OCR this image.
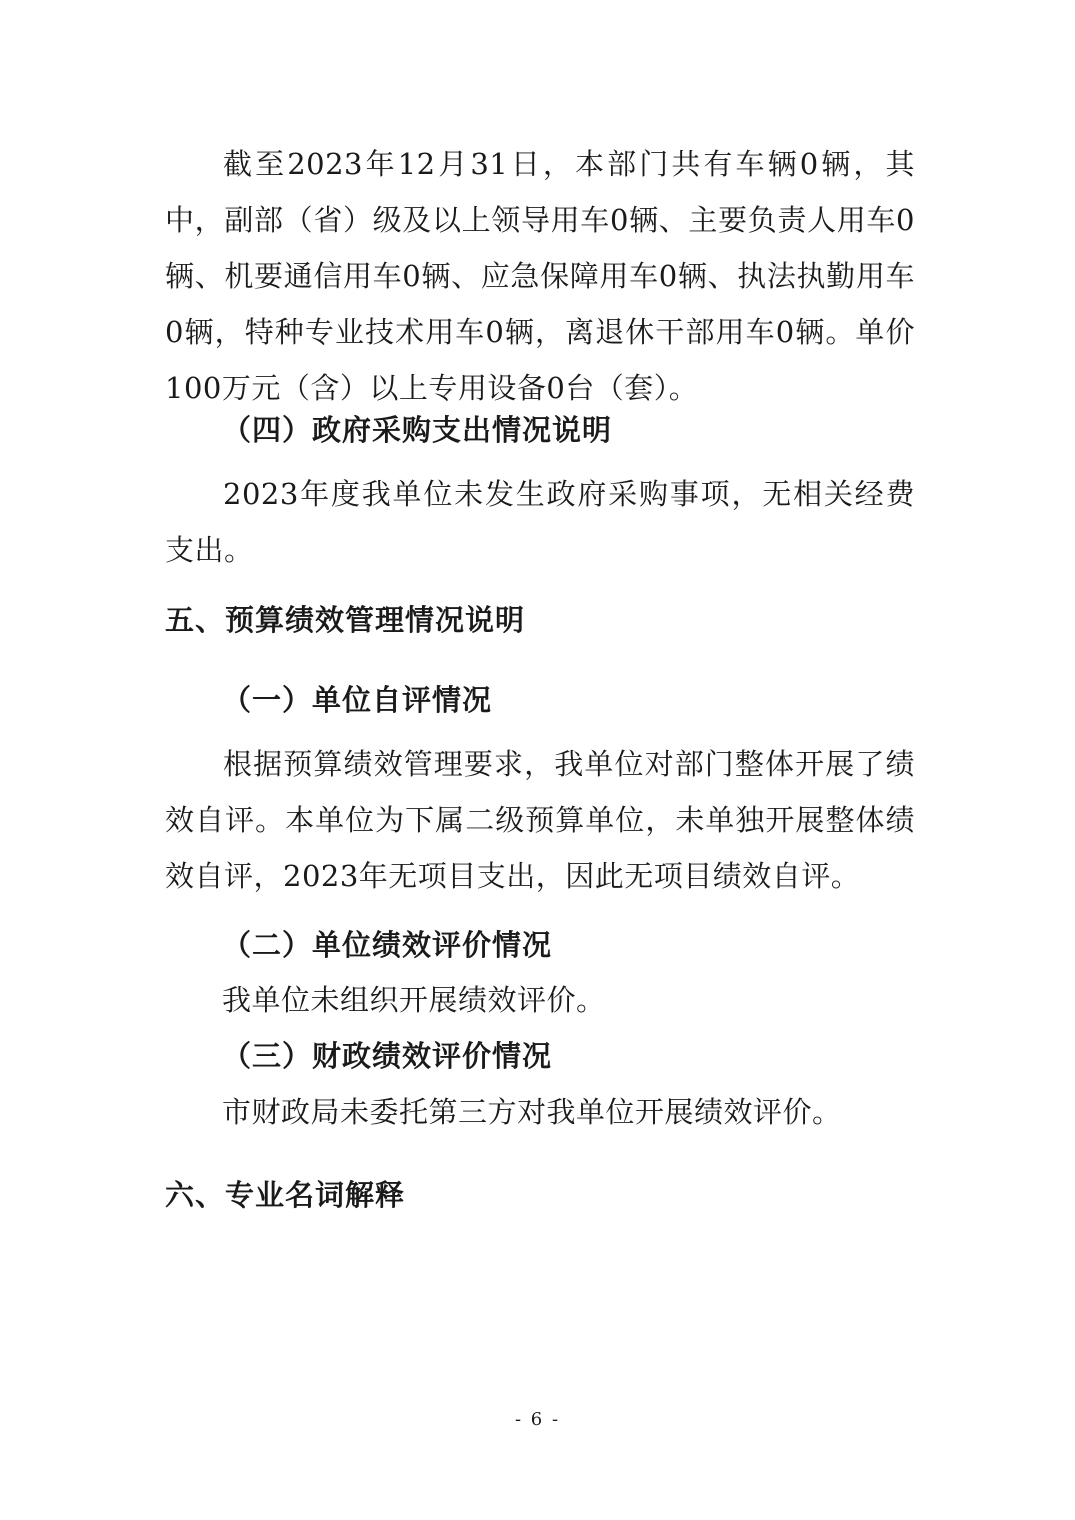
截至2023年12月31日，本部门共有车辆0辆，其中，副部（省）级及以上领导用车0辆、主要负责人用车0辆、机要通信用车0辆、应急保障用车0辆、执法执勤用车0辆，特种专业技术用车0辆，离退休干部用车0辆。单价100万元（含）以上专用设备0台（套）。

（四）政府采购支出情况说明

2023年度我单位未发生政府采购事项，无相关经费支出。

五、预算绩效管理情况说明

（一）单位自评情况

根据预算绩效管理要求，我单位对部门整体开展了绩效自评。本单位为下属二级预算单位，未单独开展整体绩效自评，2023年无项目支出，因此无项目绩效自评。

（二）单位绩效评价情况

我单位未组织开展绩效评价。

（三）财政绩效评价情况

市财政局未委托第三方对我单位开展绩效评价。

六、专业名词解释

- 6 -
